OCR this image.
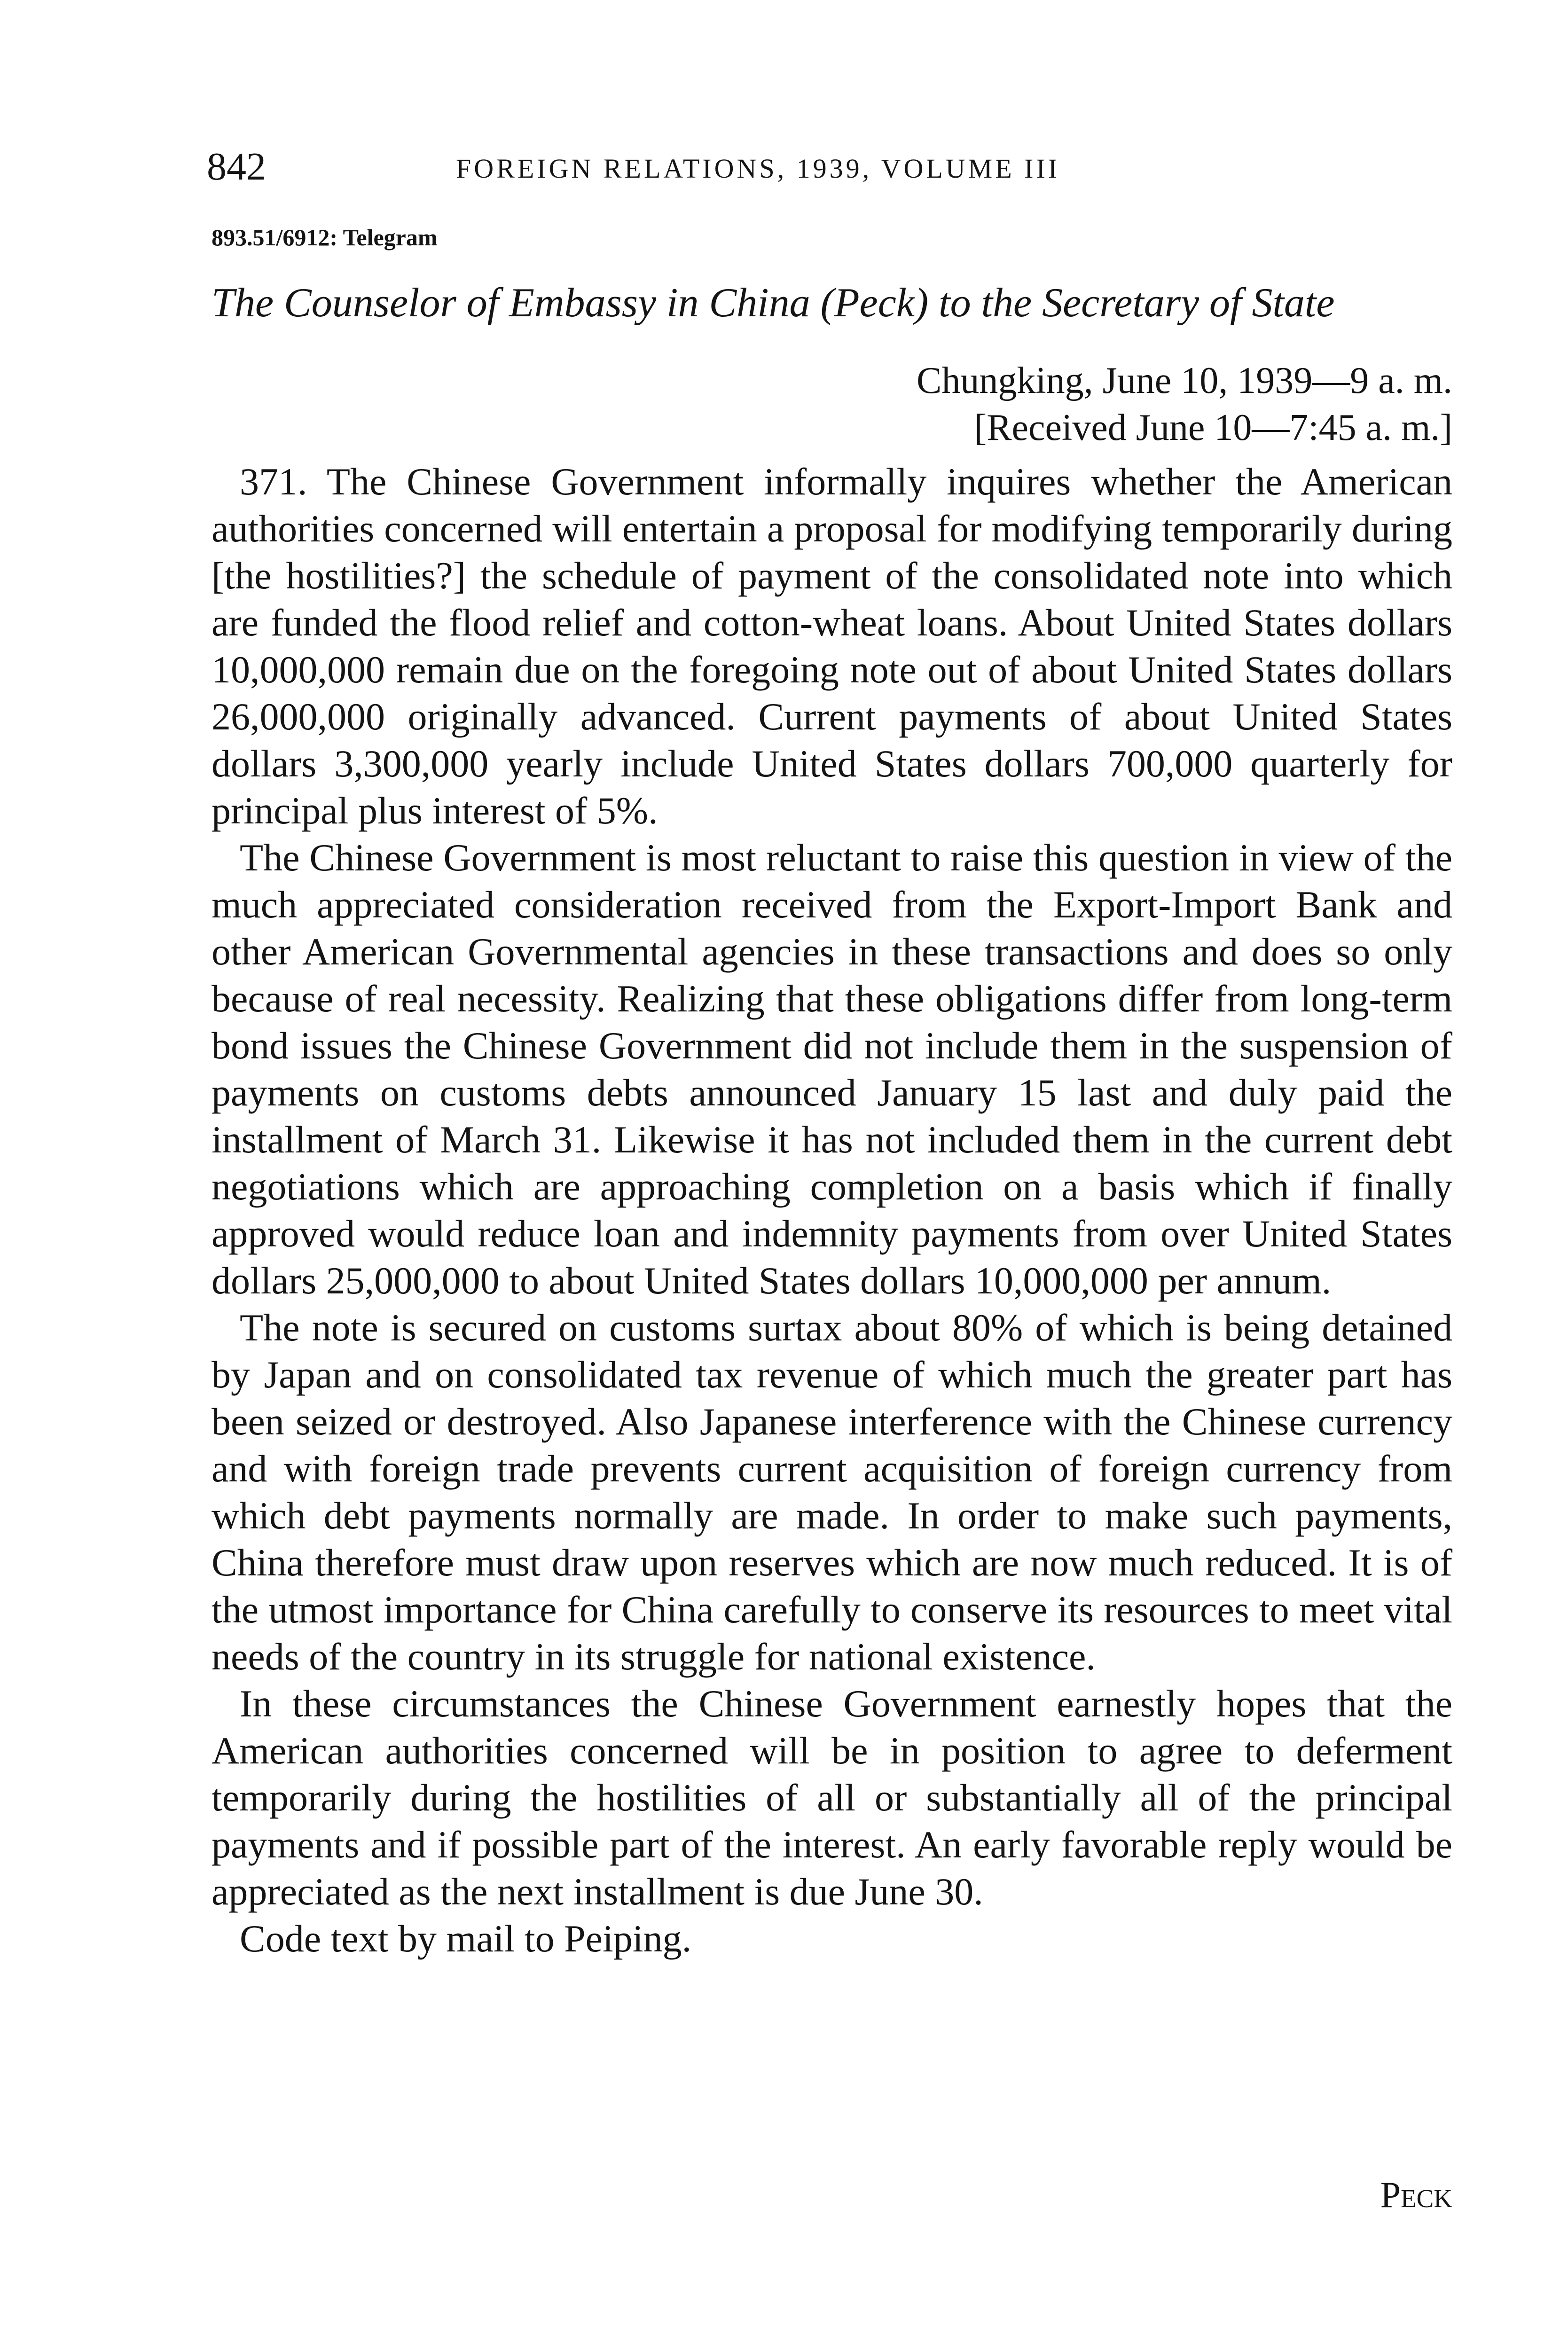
842	FOREIGN RELATIONS, 1939, VOLUME III
893.51/6912: Telegram
The Counselor of Embassy in China (Peck) to the Secretary of State
Chungking, June 10, 1939—9 a. m.
[Received June 10—7:45 a. m.]

371. The Chinese Government informally inquires whether the American authorities concerned will entertain a proposal for modifying temporarily during [the hostilities?] the schedule of payment of the consolidated note into which are funded the flood relief and cotton-wheat loans. About United States dollars 10,000,000 remain due on the foregoing note out of about United States dollars 26,000,000 originally advanced. Current payments of about United States dollars 3,300,000 yearly include United States dollars 700,000 quarterly for principal plus interest of 5%.

The Chinese Government is most reluctant to raise this question in view of the much appreciated consideration received from the Export-Import Bank and other American Governmental agencies in these transactions and does so only because of real necessity. Realizing that these obligations differ from long-term bond issues the Chinese Government did not include them in the suspension of payments on customs debts announced January 15 last and duly paid the installment of March 31. Likewise it has not included them in the current debt negotiations which are approaching completion on a basis which if finally approved would reduce loan and indemnity payments from over United States dollars 25,000,000 to about United States dollars 10,000,000 per annum.

The note is secured on customs surtax about 80% of which is being detained by Japan and on consolidated tax revenue of which much the greater part has been seized or destroyed. Also Japanese interference with the Chinese currency and with foreign trade prevents current acquisition of foreign currency from which debt payments normally are made. In order to make such payments, China therefore must draw upon reserves which are now much reduced. It is of the utmost importance for China carefully to conserve its resources to meet vital needs of the country in its struggle for national existence.

In these circumstances the Chinese Government earnestly hopes that the American authorities concerned will be in position to agree to deferment temporarily during the hostilities of all or substantially all of the principal payments and if possible part of the interest. An early favorable reply would be appreciated as the next installment is due June 30.

Code text by mail to Peiping.

Peck
